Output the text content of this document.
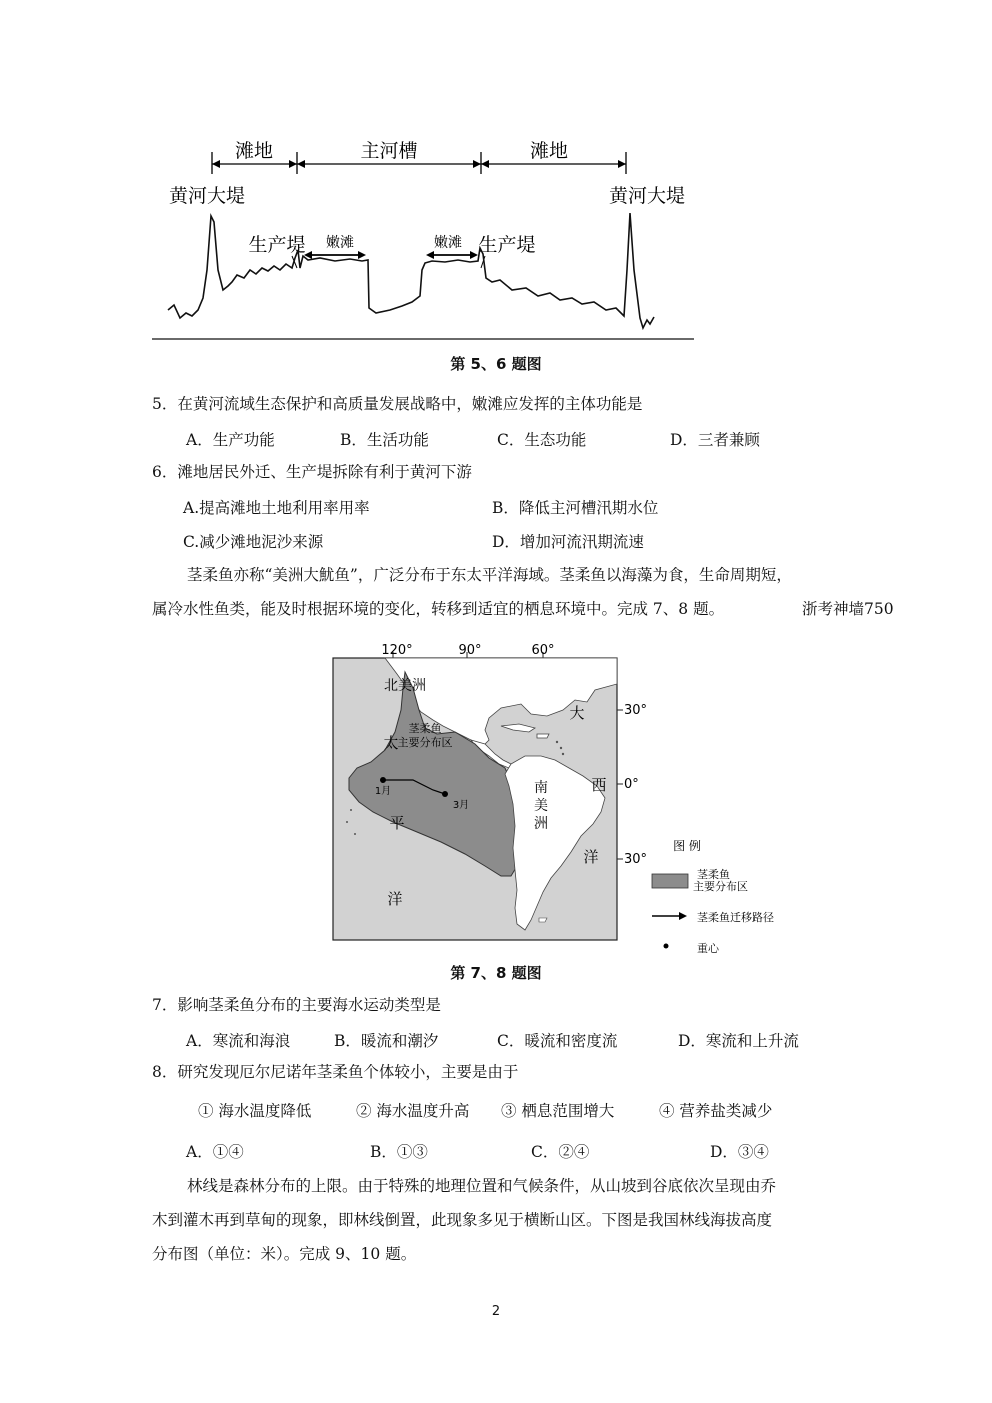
滩地	主河槽	滩地
黄河大堤	黄河大堤
生产堤	生产堤
嫩滩	嫩滩
第 5、6 题图
5．在黄河流域生态保护和高质量发展战略中，嫩滩应发挥的主体功能是
A．生产功能	B．生活功能	C．生态功能	D．三者兼顾
6．滩地居民外迁、生产堤拆除有利于黄河下游
A.提高滩地土地利用率用率	B．降低主河槽汛期水位
C.减少滩地泥沙来源	D．增加河流汛期流速
茎柔鱼亦称“美洲大魷鱼”，广泛分布于东太平洋海域。茎柔鱼以海藻为食，生命周期短，
属冷水性鱼类，能及时根据环境的变化，转移到适宜的栖息环境中。完成 7、8 题。	浙考神墙750
120°	90°	60°
30°
0°
30°
北美洲
南
美
洲
太
平
洋
大
西
洋
茎柔鱼
主要分布区
1月
3月
图 例
茎柔鱼
主要分布区
茎柔鱼迁移路径
重心
第 7、8 题图
7．影响茎柔鱼分布的主要海水运动类型是
A．寒流和海浪	B．暖流和潮汐	C．暖流和密度流	D．寒流和上升流
8．研究发现厄尔尼诺年茎柔鱼个体较小，主要是由于
① 海水温度降低	② 海水温度升高 ③ 栖息范围增大	④ 营养盐类减少
A．①④	B．①③	C．②④	D．③④
林线是森林分布的上限。由于特殊的地理位置和气候条件，从山坡到谷底依次呈现由乔
木到灌木再到草甸的现象，即林线倒置，此现象多见于横断山区。下图是我国林线海拔高度
分布图（单位：米）。完成 9、10 题。
2
